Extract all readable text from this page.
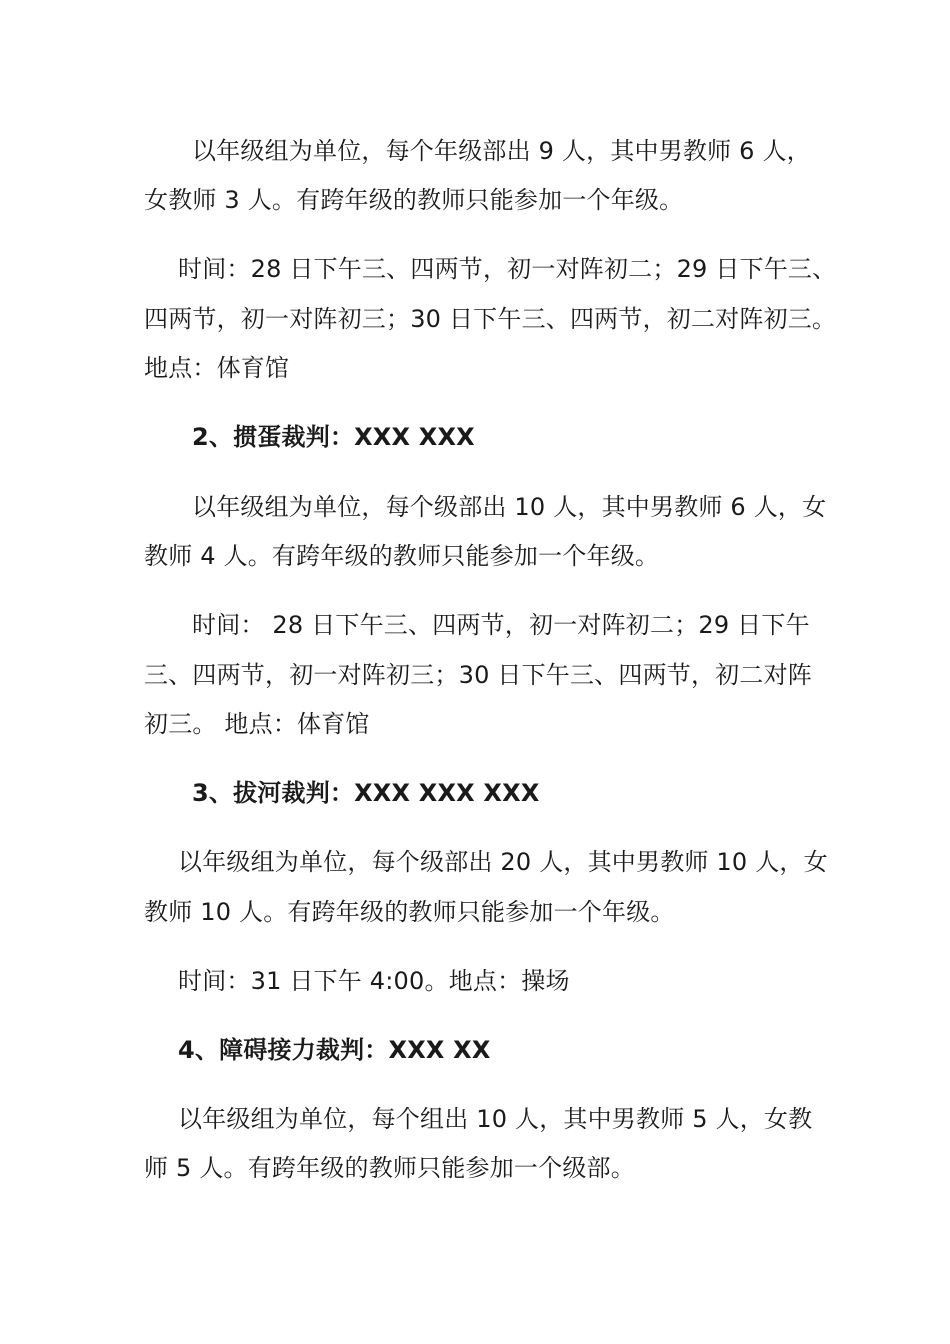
以年级组为单位，每个年级部出 9 人，其中男教师 6 人，
女教师 3 人。有跨年级的教师只能参加一个年级。
时间：28 日下午三、四两节，初一对阵初二；29 日下午三、
四两节，初一对阵初三；30 日下午三、四两节，初二对阵初三。
地点：体育馆
2、掼蛋裁判：XXX XXX
以年级组为单位，每个级部出 10 人，其中男教师 6 人，女
教师 4 人。有跨年级的教师只能参加一个年级。
时间： 28 日下午三、四两节，初一对阵初二；29 日下午
三、四两节，初一对阵初三；30 日下午三、四两节，初二对阵
初三。 地点：体育馆
3、拔河裁判：XXX XXX XXX
以年级组为单位，每个级部出 20 人，其中男教师 10 人，女
教师 10 人。有跨年级的教师只能参加一个年级。
时间：31 日下午 4:00。地点：操场
4、障碍接力裁判：XXX XX
以年级组为单位，每个组出 10 人，其中男教师 5 人，女教
师 5 人。有跨年级的教师只能参加一个级部。
